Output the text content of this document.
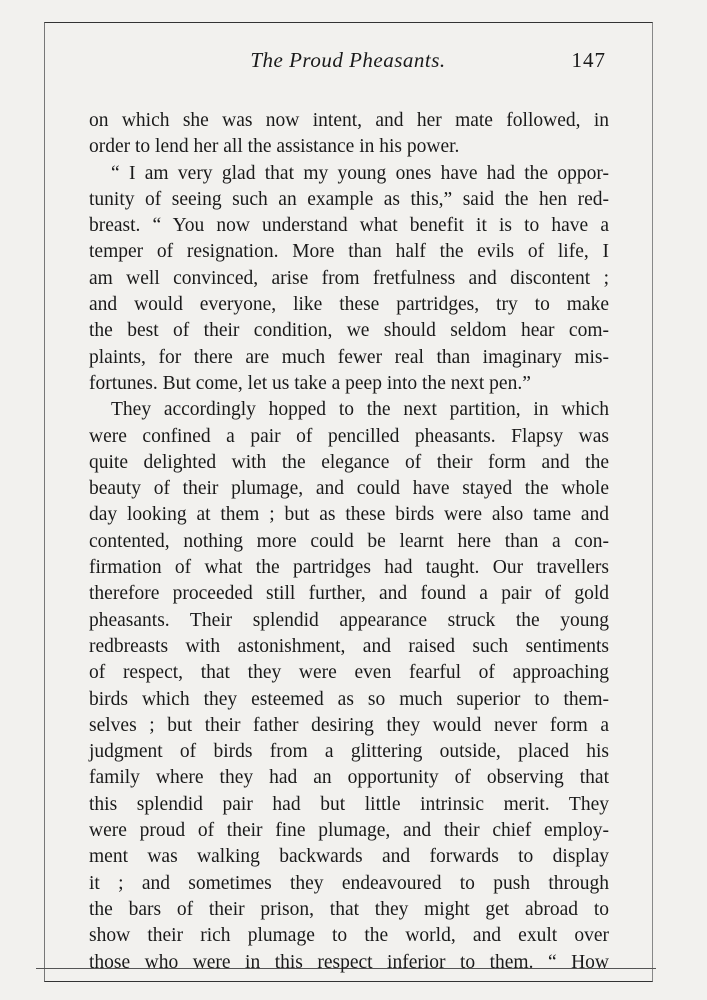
The Proud Pheasants.	147
on which she was now intent, and her mate followed, in
order to lend her all the assistance in his power.
“ I am very glad that my young ones have had the oppor-
tunity of seeing such an example as this,” said the hen red-
breast. “ You now understand what benefit it is to have a
temper of resignation. More than half the evils of life, I
am well convinced, arise from fretfulness and discontent ;
and would everyone, like these partridges, try to make
the best of their condition, we should seldom hear com-
plaints, for there are much fewer real than imaginary mis-
fortunes. But come, let us take a peep into the next pen.”
They accordingly hopped to the next partition, in which
were confined a pair of pencilled pheasants. Flapsy was
quite delighted with the elegance of their form and the
beauty of their plumage, and could have stayed the whole
day looking at them ; but as these birds were also tame and
contented, nothing more could be learnt here than a con-
firmation of what the partridges had taught. Our travellers
therefore proceeded still further, and found a pair of gold
pheasants. Their splendid appearance struck the young
redbreasts with astonishment, and raised such sentiments
of respect, that they were even fearful of approaching
birds which they esteemed as so much superior to them-
selves ; but their father desiring they would never form a
judgment of birds from a glittering outside, placed his
family where they had an opportunity of observing that
this splendid pair had but little intrinsic merit. They
were proud of their fine plumage, and their chief employ-
ment was walking backwards and forwards to display
it ; and sometimes they endeavoured to push through
the bars of their prison, that they might get abroad to
show their rich plumage to the world, and exult over
those who were in this respect inferior to them. “ How
